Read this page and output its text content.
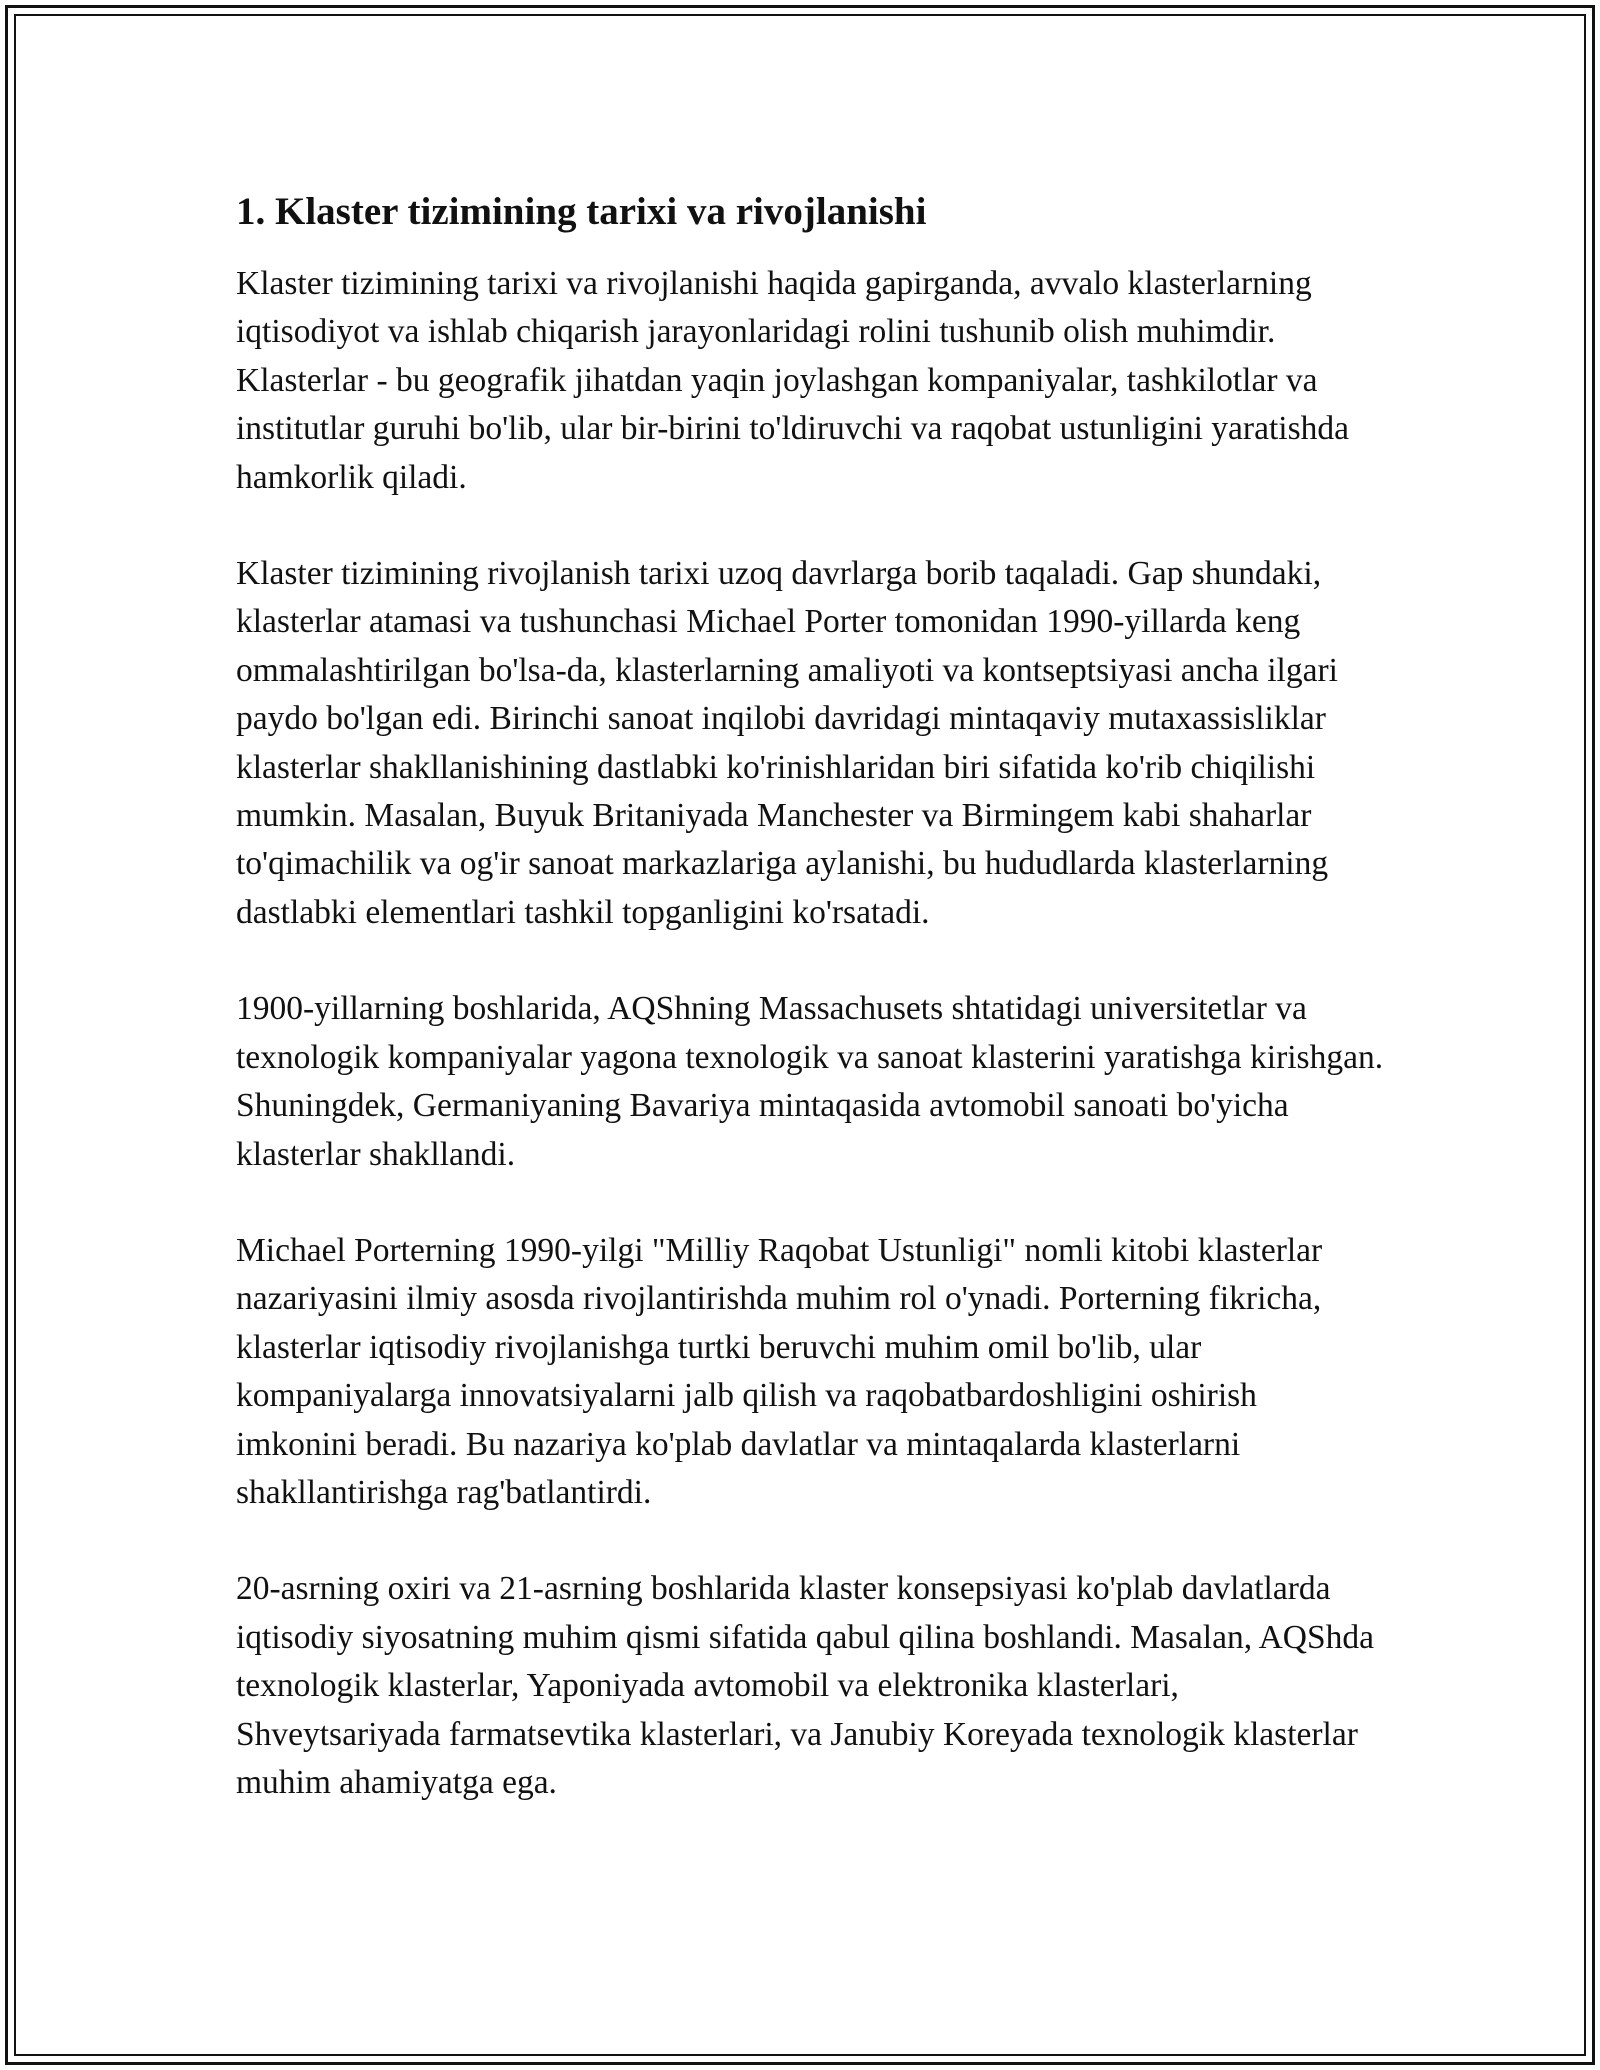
1. Klaster tizimining tarixi va rivojlanishi

Klaster tizimining tarixi va rivojlanishi haqida gapirganda, avvalo klasterlarning iqtisodiyot va ishlab chiqarish jarayonlaridagi rolini tushunib olish muhimdir. Klasterlar - bu geografik jihatdan yaqin joylashgan kompaniyalar, tashkilotlar va institutlar guruhi bo'lib, ular bir-birini to'ldiruvchi va raqobat ustunligini yaratishda hamkorlik qiladi.

Klaster tizimining rivojlanish tarixi uzoq davrlarga borib taqaladi. Gap shundaki, klasterlar atamasi va tushunchasi Michael Porter tomonidan 1990-yillarda keng ommalashtirilgan bo'lsa-da, klasterlarning amaliyoti va kontseptsiyasi ancha ilgari paydo bo'lgan edi. Birinchi sanoat inqilobi davridagi mintaqaviy mutaxassisliklar klasterlar shakllanishining dastlabki ko'rinishlaridan biri sifatida ko'rib chiqilishi mumkin. Masalan, Buyuk Britaniyada Manchester va Birmingem kabi shaharlar to'qimachilik va og'ir sanoat markazlariga aylanishi, bu hududlarda klasterlarning dastlabki elementlari tashkil topganligini ko'rsatadi.

1900-yillarning boshlarida, AQShning Massachusets shtatidagi universitetlar va texnologik kompaniyalar yagona texnologik va sanoat klasterini yaratishga kirishgan. Shuningdek, Germaniyaning Bavariya mintaqasida avtomobil sanoati bo'yicha klasterlar shakllandi.

Michael Porterning 1990-yilgi "Milliy Raqobat Ustunligi" nomli kitobi klasterlar nazariyasini ilmiy asosda rivojlantirishda muhim rol o'ynadi. Porterning fikricha, klasterlar iqtisodiy rivojlanishga turtki beruvchi muhim omil bo'lib, ular kompaniyalarga innovatsiyalarni jalb qilish va raqobatbardoshligini oshirish imkonini beradi. Bu nazariya ko'plab davlatlar va mintaqalarda klasterlarni shakllantirishga rag'batlantirdi.

20-asrning oxiri va 21-asrning boshlarida klaster konsepsiyasi ko'plab davlatlarda iqtisodiy siyosatning muhim qismi sifatida qabul qilina boshlandi. Masalan, AQShda texnologik klasterlar, Yaponiyada avtomobil va elektronika klasterlari, Shveytsariyada farmatsevtika klasterlari, va Janubiy Koreyada texnologik klasterlar muhim ahamiyatga ega.
